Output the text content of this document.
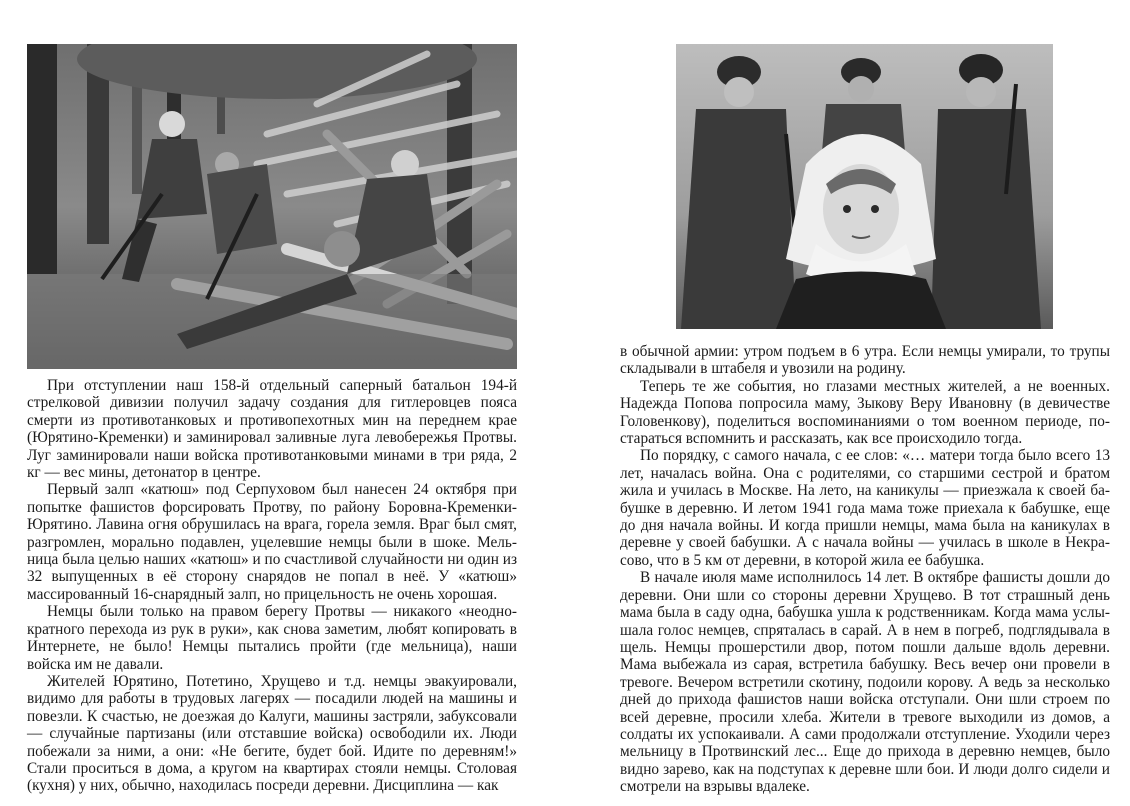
При отступлении наш 158-й отдельный саперный батальон 194-й стрелковой дивизии получил задачу создания для гитлеровцев пояса смерти из противотанковых и противопехотных мин на переднем крае (Юрятино-Кременки) и заминировал заливные луга левобережья Протвы. Луг заминировали наши войска противотанковыми минами в три ряда, 2 кг — вес мины, детонатор в центре.

Первый залп «катюш» под Серпуховом был нанесен 24 октября при попытке фашистов форсировать Протву, по району Боровна-Кременки-Юрятино. Лавина огня обрушилась на врага, горела земля. Враг был смят, разгромлен, морально подавлен, уцелевшие немцы были в шоке. Мельница была целью наших «катюш» и по счастливой случайности ни один из 32 выпущенных в её сторону снарядов не попал в неё. У «катюш» массированный 16-снарядный залп, но прицельность не очень хорошая.

Немцы были только на правом берегу Протвы — никакого «неоднократного перехода из рук в руки», как снова заметим, любят копировать в Интернете, не было! Немцы пытались пройти (где мельница), наши войска им не давали.

Жителей Юрятино, Потетино, Хрущево и т.д. немцы эвакуировали, видимо для работы в трудовых лагерях — посадили людей на машины и повезли. К счастью, не доезжая до Калуги, машины застряли, забуксовали — случайные партизаны (или отставшие войска) освободили их. Люди побежали за ними, а они: «Не бегите, будет бой. Идите по деревням!» Стали проситься в дома, а кругом на квартирах стояли немцы. Столовая (кухня) у них, обычно, находилась посреди деревни. Дисциплина — как

в обычной армии: утром подъем в 6 утра. Если немцы умирали, то трупы складывали в штабеля и увозили на родину.

Теперь те же события, но глазами местных жителей, а не военных. Надежда Попова попросила маму, Зыкову Веру Ивановну (в девичестве Головенкову), поделиться воспоминаниями о том военном периоде, постараться вспомнить и рассказать, как все происходило тогда.

По порядку, с самого начала, с ее слов: «… матери тогда было всего 13 лет, началась война. Она с родителями, со старшими сестрой и братом жила и училась в Москве. На лето, на каникулы — приезжала к своей бабушке в деревню. И летом 1941 года мама тоже приехала к бабушке, еще до дня начала войны. И когда пришли немцы, мама была на каникулах в деревне у своей бабушки. А с начала войны — училась в школе в Некрасово, что в 5 км от деревни, в которой жила ее бабушка.

В начале июля маме исполнилось 14 лет. В октябре фашисты дошли до деревни. Они шли со стороны деревни Хрущево. В тот страшный день мама была в саду одна, бабушка ушла к родственникам. Когда мама услышала голос немцев, спряталась в сарай. А в нем в погреб, подглядывала в щель. Немцы прошерстили двор, потом пошли дальше вдоль деревни. Мама выбежала из сарая, встретила бабушку. Весь вечер они провели в тревоге. Вечером встретили скотину, подоили корову. А ведь за несколько дней до прихода фашистов наши войска отступали. Они шли строем по всей деревне, просили хлеба. Жители в тревоге выходили из домов, а солдаты их успокаивали. А сами продолжали отступление. Уходили через мельницу в Протвинский лес... Еще до прихода в деревню немцев, было видно зарево, как на подступах к деревне шли бои. И люди долго сидели и смотрели на взрывы вдалеке.
